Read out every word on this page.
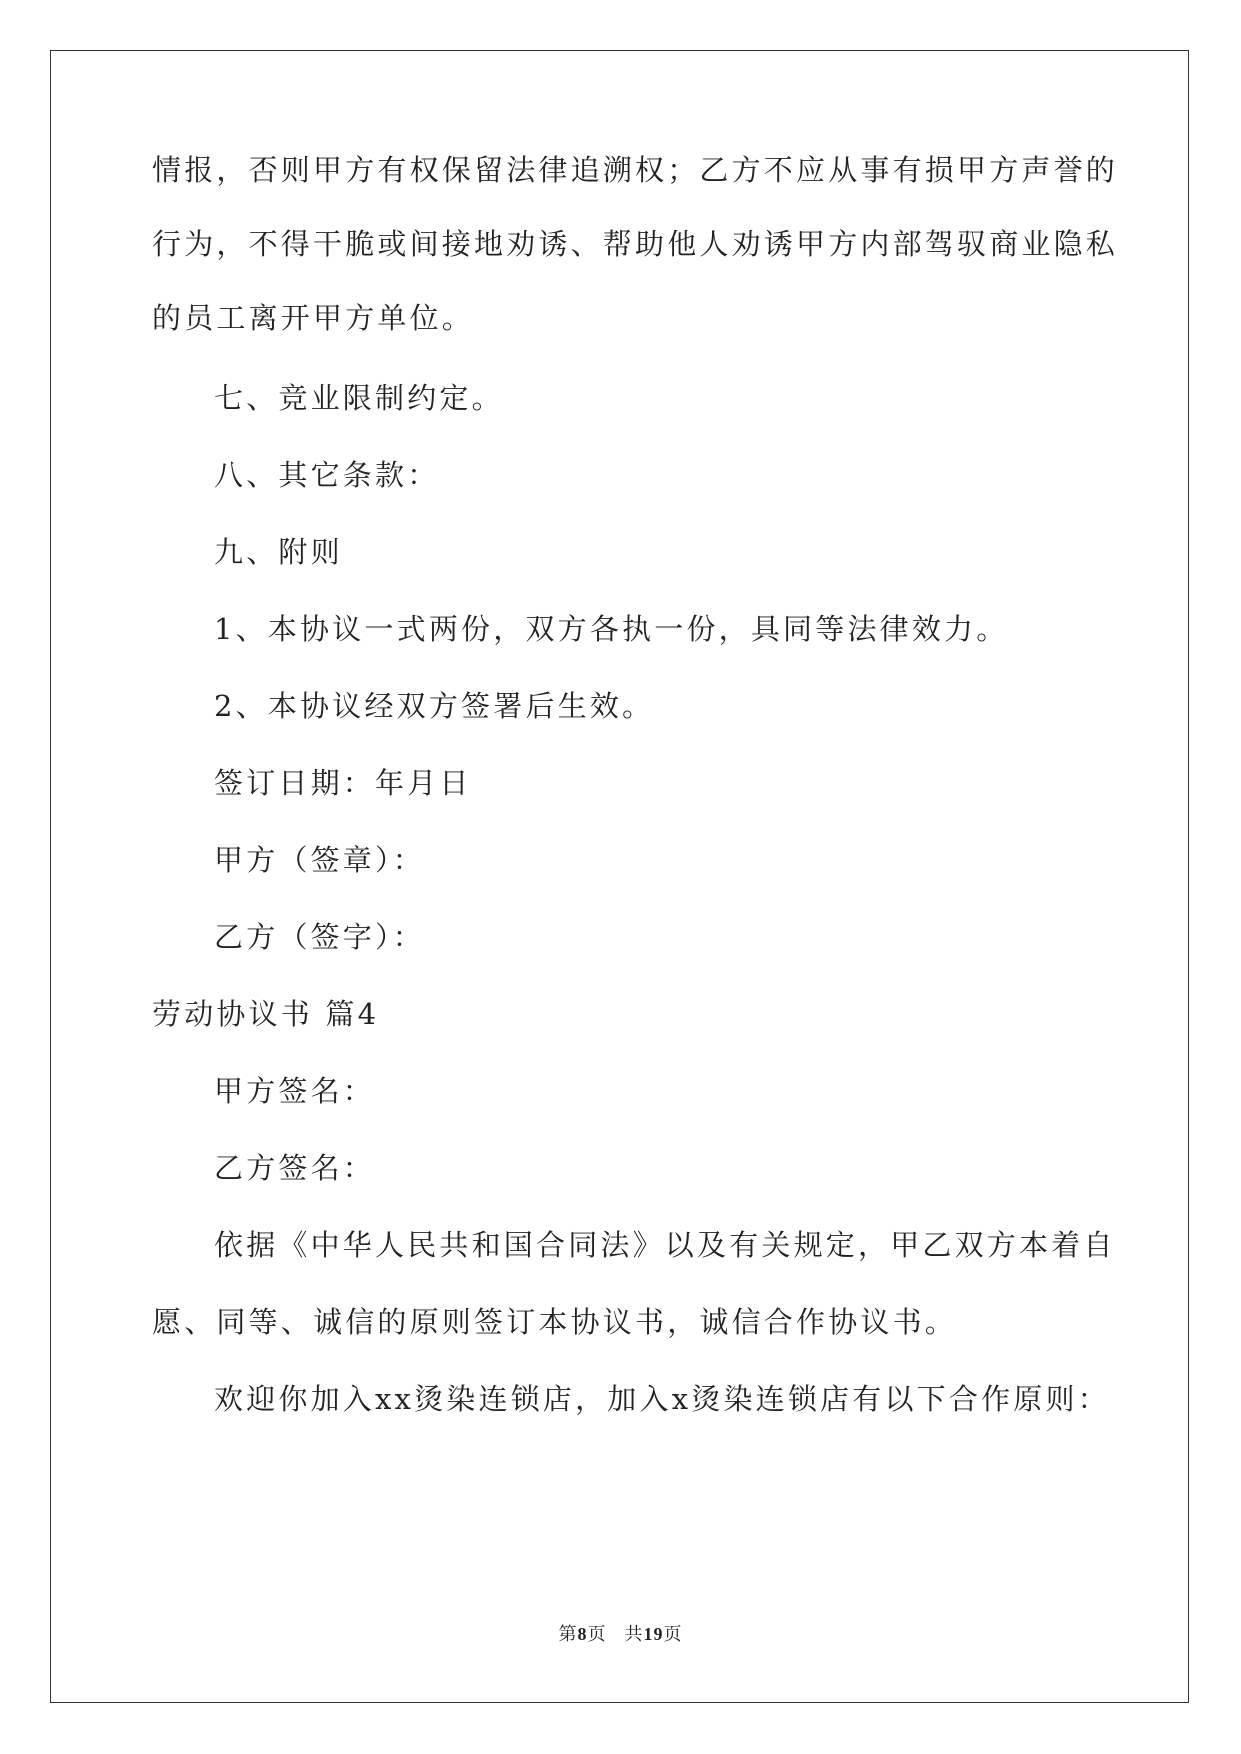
情报，否则甲方有权保留法律追溯权；乙方不应从事有损甲方声誉的
行为，不得干脆或间接地劝诱、帮助他人劝诱甲方内部驾驭商业隐私
的员工离开甲方单位。
七、竞业限制约定。
八、其它条款：
九、附则
1、本协议一式两份，双方各执一份，具同等法律效力。
2、本协议经双方签署后生效。
签订日期：年月日
甲方（签章）：
乙方（签字）：
劳动协议书 篇4
甲方签名：
乙方签名：
依据《中华人民共和国合同法》以及有关规定，甲乙双方本着自
愿、同等、诚信的原则签订本协议书，诚信合作协议书。
欢迎你加入xx烫染连锁店，加入x烫染连锁店有以下合作原则：
第8页 共19页
